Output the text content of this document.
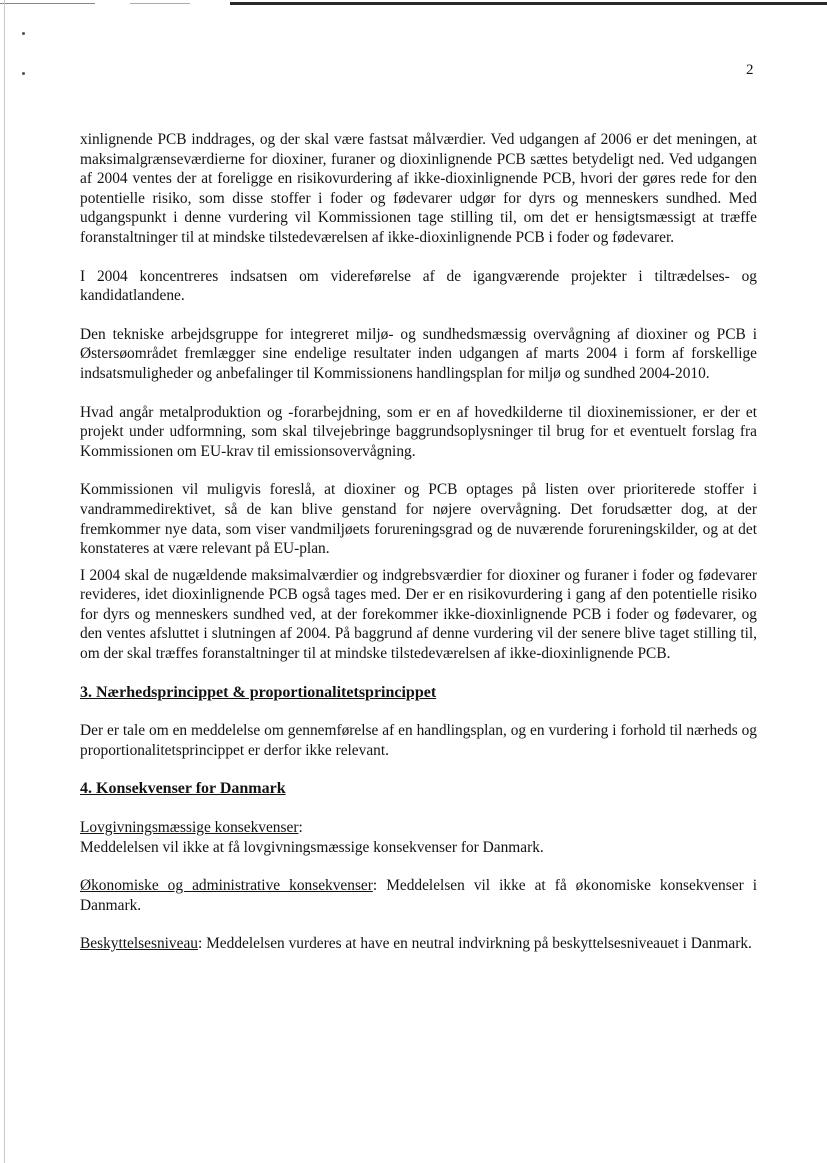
2

xinlignende PCB inddrages, og der skal være fastsat målværdier. Ved udgangen af 2006 er det meningen, at maksimalgrænseværdierne for dioxiner, furaner og dioxinlignende PCB sættes betydeligt ned. Ved udgangen af 2004 ventes der at foreligge en risikovurdering af ikke-dioxinlignende PCB, hvori der gøres rede for den potentielle risiko, som disse stoffer i foder og fødevarer udgør for dyrs og menneskers sundhed. Med udgangspunkt i denne vurdering vil Kommissionen tage stilling til, om det er hensigtsmæssigt at træffe foranstaltninger til at mindske tilstedeværelsen af ikke-dioxinlignende PCB i foder og fødevarer.

I 2004 koncentreres indsatsen om videreførelse af de igangværende projekter i tiltrædelses- og kandidatlandene.

Den tekniske arbejdsgruppe for integreret miljø- og sundhedsmæssig overvågning af dioxiner og PCB i Østersøområdet fremlægger sine endelige resultater inden udgangen af marts 2004 i form af forskellige indsatsmuligheder og anbefalinger til Kommissionens handlingsplan for miljø og sundhed 2004-2010.

Hvad angår metalproduktion og -forarbejdning, som er en af hovedkilderne til dioxinemissioner, er der et projekt under udformning, som skal tilvejebringe baggrundsoplysninger til brug for et eventuelt forslag fra Kommissionen om EU-krav til emissionsovervågning.

Kommissionen vil muligvis foreslå, at dioxiner og PCB optages på listen over prioriterede stoffer i vandrammedirektivet, så de kan blive genstand for nøjere overvågning. Det forudsætter dog, at der fremkommer nye data, som viser vandmiljøets forureningsgrad og de nuværende forureningskilder, og at det konstateres at være relevant på EU-plan.

I 2004 skal de nugældende maksimalværdier og indgrebsværdier for dioxiner og furaner i foder og fødevarer revideres, idet dioxinlignende PCB også tages med. Der er en risikovurdering i gang af den potentielle risiko for dyrs og menneskers sundhed ved, at der forekommer ikke-dioxinlignende PCB i foder og fødevarer, og den ventes afsluttet i slutningen af 2004. På baggrund af denne vurdering vil der senere blive taget stilling til, om der skal træffes foranstaltninger til at mindske tilstedeværelsen af ikke-dioxinlignende PCB.

3. Nærhedsprincippet & proportionalitetsprincippet

Der er tale om en meddelelse om gennemførelse af en handlingsplan, og en vurdering i forhold til nærheds og proportionalitetsprincippet er derfor ikke relevant.

4. Konsekvenser for Danmark

Lovgivningsmæssige konsekvenser:
Meddelelsen vil ikke at få lovgivningsmæssige konsekvenser for Danmark.

Økonomiske og administrative konsekvenser: Meddelelsen vil ikke at få økonomiske konsekvenser i Danmark.

Beskyttelsesniveau: Meddelelsen vurderes at have en neutral indvirkning på beskyttelsesniveauet i Danmark.
